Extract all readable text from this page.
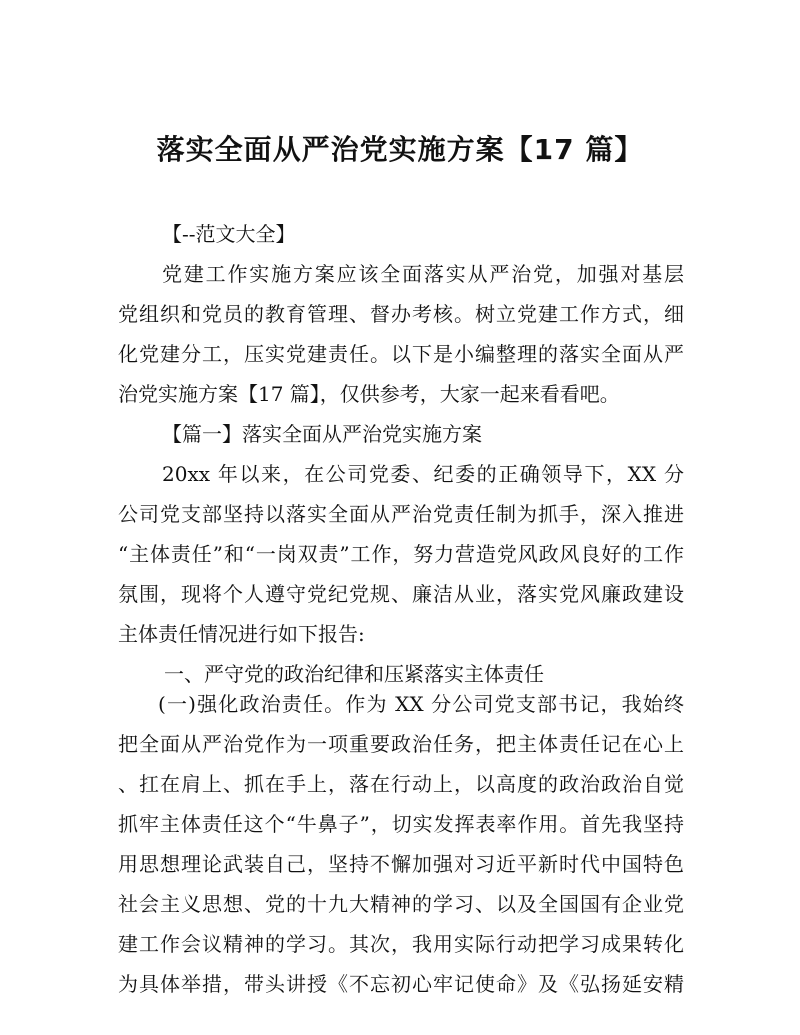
落实全面从严治党实施方案【17 篇】
【--范文大全】
党建工作实施方案应该全面落实从严治党，加强对基层
党组织和党员的教育管理、督办考核。树立党建工作方式，细
化党建分工，压实党建责任。以下是小编整理的落实全面从严
治党实施方案【17 篇】，仅供参考，大家一起来看看吧。
【篇一】落实全面从严治党实施方案
20xx 年以来，在公司党委、纪委的正确领导下，XX 分
公司党支部坚持以落实全面从严治党责任制为抓手，深入推进
“主体责任”和“一岗双责”工作，努力营造党风政风良好的工作
氛围，现将个人遵守党纪党规、廉洁从业，落实党风廉政建设
主体责任情况进行如下报告:
一、严守党的政治纪律和压紧落实主体责任
(一)强化政治责任。作为 XX 分公司党支部书记，我始终
把全面从严治党作为一项重要政治任务，把主体责任记在心上
、扛在肩上、抓在手上，落在行动上，以高度的政治政治自觉
抓牢主体责任这个“牛鼻子”，切实发挥表率作用。首先我坚持
用思想理论武装自己，坚持不懈加强对习近平新时代中国特色
社会主义思想、党的十九大精神的学习、以及全国国有企业党
建工作会议精神的学习。其次，我用实际行动把学习成果转化
为具体举措，带头讲授《不忘初心牢记使命》及《弘扬延安精
